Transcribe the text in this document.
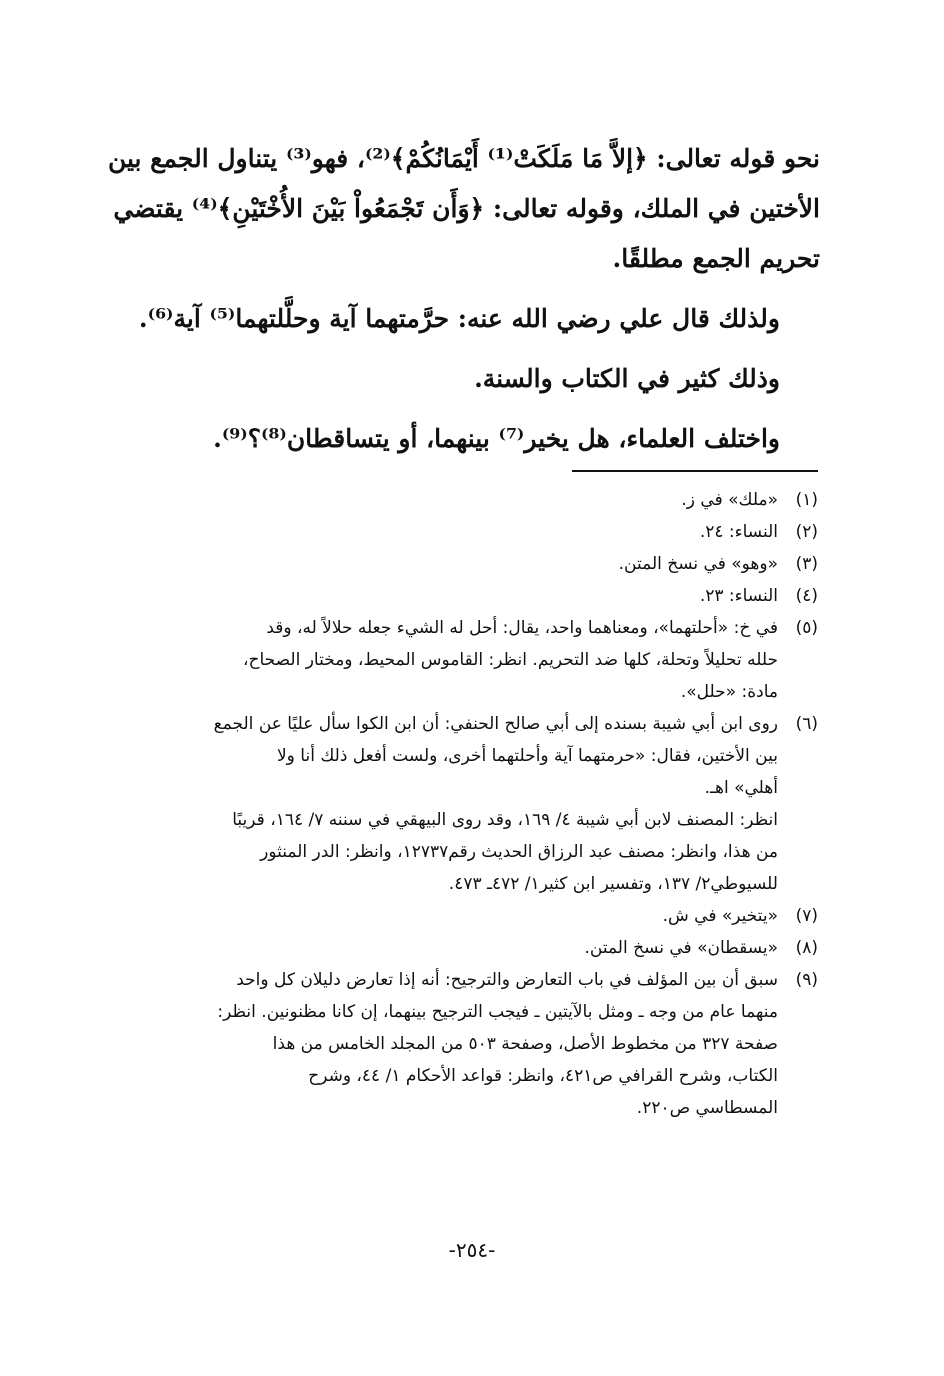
نحو قوله تعالى: ﴿إلاَّ مَا مَلَكَتْ⁽¹⁾ أَيْمَانُكُمْ﴾⁽²⁾، فهو⁽³⁾ يتناول الجمع بين
الأختين في الملك، وقوله تعالى: ﴿وَأَن تَجْمَعُواْ بَيْنَ الأُخْتَيْنِ﴾⁽⁴⁾ يقتضي
تحريم الجمع مطلقًا.
ولذلك قال علي رضي الله عنه: حرَّمتهما آية وحلَّلتهما⁽⁵⁾ آية⁽⁶⁾.
وذلك كثير في الكتاب والسنة.
واختلف العلماء، هل يخير⁽⁷⁾ بينهما، أو يتساقطان⁽⁸⁾؟⁽⁹⁾.
(١)
«ملك» في ز.
(٢)
النساء: ٢٤.
(٣)
«وهو» في نسخ المتن.
(٤)
النساء: ٢٣.
(٥)
في خ: «أحلتهما»، ومعناهما واحد، يقال: أحل له الشيء جعله حلالاً له، وقد
حلله تحليلاً وتحلة، كلها ضد التحريم. انظر: القاموس المحيط، ومختار الصحاح،
مادة: «حلل».
(٦)
روى ابن أبي شيبة بسنده إلى أبي صالح الحنفي: أن ابن الكوا سأل عليًا عن الجمع
بين الأختين، فقال: «حرمتهما آية وأحلتهما أخرى، ولست أفعل ذلك أنا ولا
أهلي» اهـ.
انظر: المصنف لابن أبي شيبة ٤/ ١٦٩، وقد روى البيهقي في سننه ٧/ ١٦٤، قريبًا
من هذا، وانظر: مصنف عبد الرزاق الحديث رقم١٢٧٣٧، وانظر: الدر المنثور
للسيوطي٢/ ١٣٧، وتفسير ابن كثير١/ ٤٧٢ـ ٤٧٣.
(٧)
«يتخير» في ش.
(٨)
«يسقطان» في نسخ المتن.
(٩)
سبق أن بين المؤلف في باب التعارض والترجيح: أنه إذا تعارض دليلان كل واحد
منهما عام من وجه ـ ومثل بالآيتين ـ فيجب الترجيح بينهما، إن كانا مظنونين. انظر:
صفحة ٣٢٧ من مخطوط الأصل، وصفحة ٥٠٣ من المجلد الخامس من هذا
الكتاب، وشرح القرافي ص٤٢١، وانظر: قواعد الأحكام ١/ ٤٤، وشرح
المسطاسي ص٢٢٠.
-٢٥٤-
